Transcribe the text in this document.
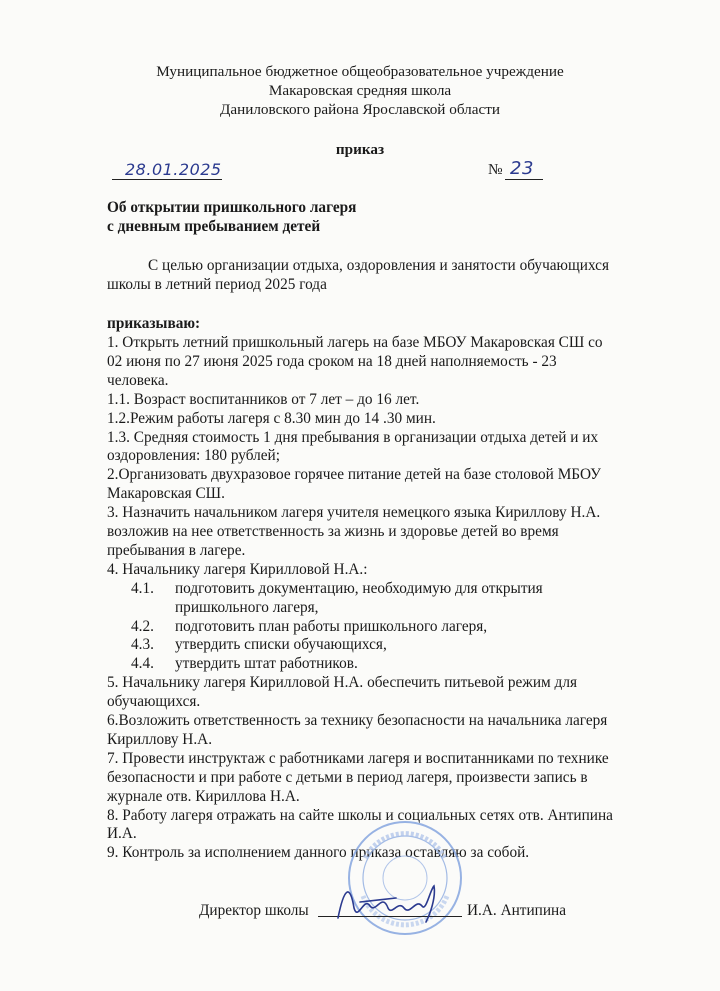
Муниципальное бюджетное общеобразовательное учреждение
Макаровская средняя школа
Даниловского района Ярославской области
приказ
28.01.2025	№ 23
Об открытии пришкольного лагеря
с дневным пребыванием детей
С целью организации отдыха, оздоровления и занятости обучающихся
школы в летний период 2025 года
приказываю:
1. Открыть летний пришкольный лагерь на базе МБОУ Макаровская СШ со
02 июня по 27 июня 2025 года сроком на 18 дней наполняемость - 23
человека.
1.1. Возраст воспитанников от 7 лет – до 16 лет.
1.2.Режим работы лагеря с 8.30 мин до 14 .30 мин.
1.3. Средняя стоимость 1 дня пребывания в организации отдыха детей и их
оздоровления: 180 рублей;
2.Организовать двухразовое горячее питание детей на базе столовой МБОУ
Макаровская СШ.
3. Назначить начальником лагеря учителя немецкого языка Кириллову Н.А.
возложив на нее ответственность за жизнь и здоровье детей во время
пребывания в лагере.
4. Начальнику лагеря Кирилловой Н.А.:
4.1. подготовить документацию, необходимую для открытия
пришкольного лагеря,
4.2. подготовить план работы пришкольного лагеря,
4.3. утвердить списки обучающихся,
4.4. утвердить штат работников.
5. Начальнику лагеря Кирилловой Н.А. обеспечить питьевой режим для
обучающихся.
6.Возложить ответственность за технику безопасности на начальника лагеря
Кириллову Н.А.
7. Провести инструктаж с работниками лагеря и воспитанниками по технике
безопасности и при работе с детьми в период лагеря, произвести запись в
журнале отв. Кириллова Н.А.
8. Работу лагеря отражать на сайте школы и социальных сетях отв. Антипина
И.А.
9. Контроль за исполнением данного приказа оставляю за собой.
Директор школы	И.А. Антипина
